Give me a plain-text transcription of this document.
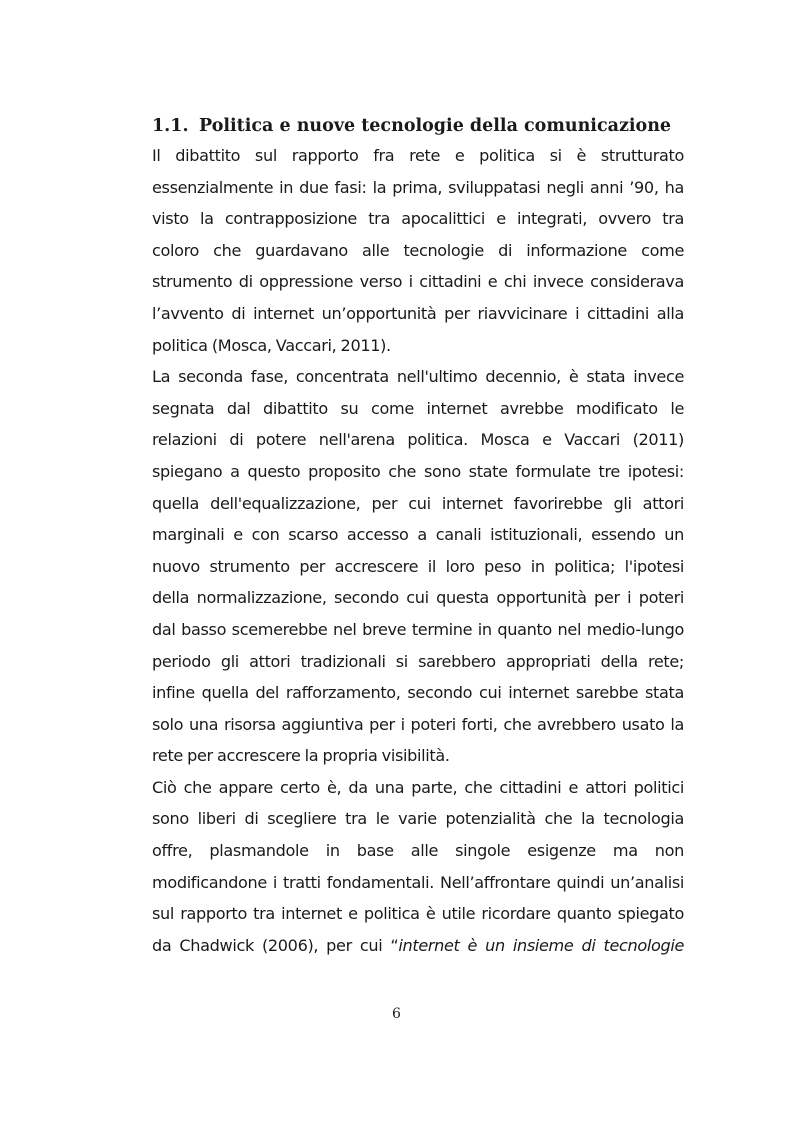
1.1. Politica e nuove tecnologie della comunicazione
Il dibattito sul rapporto fra rete e politica si è strutturato
essenzialmente in due fasi: la prima, sviluppatasi negli anni ’90, ha
visto la contrapposizione tra apocalittici e integrati, ovvero tra
coloro che guardavano alle tecnologie di informazione come
strumento di oppressione verso i cittadini e chi invece considerava
l’avvento di internet un’opportunità per riavvicinare i cittadini alla
politica (Mosca, Vaccari, 2011).
La seconda fase, concentrata nell'ultimo decennio, è stata invece
segnata dal dibattito su come internet avrebbe modificato le
relazioni di potere nell'arena politica. Mosca e Vaccari (2011)
spiegano a questo proposito che sono state formulate tre ipotesi:
quella dell'equalizzazione, per cui internet favorirebbe gli attori
marginali e con scarso accesso a canali istituzionali, essendo un
nuovo strumento per accrescere il loro peso in politica; l'ipotesi
della normalizzazione, secondo cui questa opportunità per i poteri
dal basso scemerebbe nel breve termine in quanto nel medio-lungo
periodo gli attori tradizionali si sarebbero appropriati della rete;
infine quella del rafforzamento, secondo cui internet sarebbe stata
solo una risorsa aggiuntiva per i poteri forti, che avrebbero usato la
rete per accrescere la propria visibilità.
Ciò che appare certo è, da una parte, che cittadini e attori politici
sono liberi di scegliere tra le varie potenzialità che la tecnologia
offre, plasmandole in base alle singole esigenze ma non
modificandone i tratti fondamentali. Nell’affrontare quindi un’analisi
sul rapporto tra internet e politica è utile ricordare quanto spiegato
da Chadwick (2006), per cui “internet è un insieme di tecnologie
6
